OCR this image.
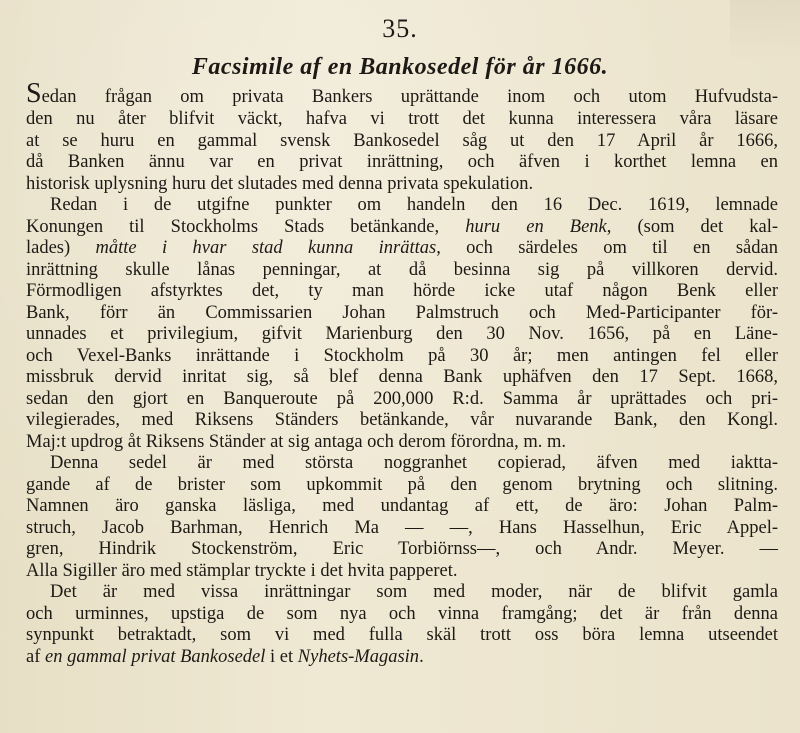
35.
Facsimile af en Bankosedel för år 1666.
Sedan frågan om privata Bankers uprättande inom och utom Hufvudsta-
den nu åter blifvit väckt, hafva vi trott det kunna interessera våra läsare
at se huru en gammal svensk Bankosedel såg ut den 17 April år 1666,
då Banken ännu var en privat inrättning, och äfven i korthet lemna en
historisk uplysning huru det slutades med denna privata spekulation.
Redan i de utgifne punkter om handeln den 16 Dec. 1619, lemnade
Konungen til Stockholms Stads betänkande, huru en Benk, (som det kal-
lades) måtte i hvar stad kunna inrättas, och särdeles om til en sådan
inrättning skulle lånas penningar, at då besinna sig på villkoren dervid.
Förmodligen afstyrktes det, ty man hörde icke utaf någon Benk eller
Bank, förr än Commissarien Johan Palmstruch och Med-Participanter för-
unnades et privilegium, gifvit Marienburg den 30 Nov. 1656, på en Läne-
och Vexel-Banks inrättande i Stockholm på 30 år; men antingen fel eller
missbruk dervid inritat sig, så blef denna Bank uphäfven den 17 Sept. 1668,
sedan den gjort en Banqueroute på 200,000 R:d. Samma år uprättades och pri-
vilegierades, med Riksens Ständers betänkande, vår nuvarande Bank, den Kongl.
Maj:t updrog åt Riksens Ständer at sig antaga och derom förordna, m. m.
Denna sedel är med största noggranhet copierad, äfven med iaktta-
gande af de brister som upkommit på den genom brytning och slitning.
Namnen äro ganska läsliga, med undantag af ett, de äro: Johan Palm-
struch, Jacob Barhman, Henrich Ma — —, Hans Hasselhun, Eric Appel-
gren, Hindrik Stockenström, Eric Torbiörnss—, och Andr. Meyer. —
Alla Sigiller äro med stämplar tryckte i det hvita papperet.
Det är med vissa inrättningar som med moder, när de blifvit gamla
och urminnes, upstiga de som nya och vinna framgång; det är från denna
synpunkt betraktadt, som vi med fulla skäl trott oss böra lemna utseendet
af en gammal privat Bankosedel i et Nyhets-Magasin.
